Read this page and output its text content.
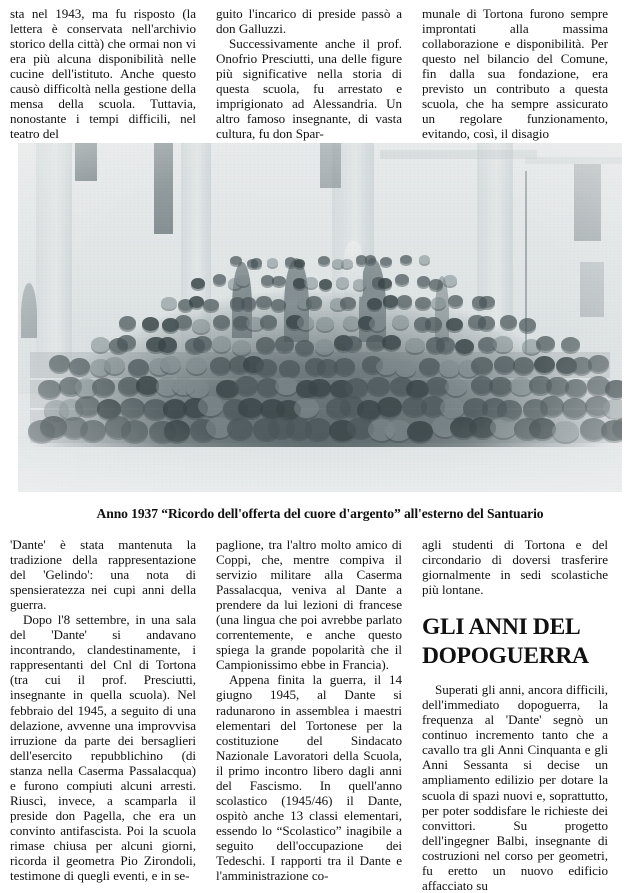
sta nel 1943, ma fu risposto (la lettera è conservata nell'archivio storico della città) che ormai non vi era più alcuna disponibilità nelle cucine dell'istituto. Anche questo causò difficoltà nella gestione della mensa della scuola. Tuttavia, nonostante i tempi difficili, nel teatro del

guito l'incarico di preside passò a don Galluzzi.

Successivamente anche il prof. Onofrio Presciutti, una delle figure più significative nella storia di questa scuola, fu arrestato e imprigionato ad Alessandria. Un altro famoso insegnante, di vasta cultura, fu don Spar-

munale di Tortona furono sempre improntati alla massima collaborazione e disponibilità. Per questo nel bilancio del Comune, fin dalla sua fondazione, era previsto un contributo a questa scuola, che ha sempre assicurato un regolare funzionamento, evitando, così, il disagio

Anno 1937 “Ricordo dell'offerta del cuore d'argento” all'esterno del Santuario

'Dante' è stata mantenuta la tradizione della rappresentazione del 'Gelindo': una nota di spensieratezza nei cupi anni della guerra.

Dopo l'8 settembre, in una sala del 'Dante' si andavano incontrando, clandestinamente, i rappresentanti del Cnl di Tortona (tra cui il prof. Presciutti, insegnante in quella scuola). Nel febbraio del 1945, a seguito di una delazione, avvenne una improvvisa irruzione da parte dei bersaglieri dell'esercito repubblichino (di stanza nella Caserma Passalacqua) e furono compiuti alcuni arresti. Riuscì, invece, a scamparla il preside don Pagella, che era un convinto antifascista. Poi la scuola rimase chiusa per alcuni giorni, ricorda il geometra Pio Zirondoli, testimone di quegli eventi, e in se-

paglione, tra l'altro molto amico di Coppi, che, mentre compiva il servizio militare alla Caserma Passalacqua, veniva al Dante a prendere da lui lezioni di francese (una lingua che poi avrebbe parlato correntemente, e anche questo spiega la grande popolarità che il Campionissimo ebbe in Francia).

Appena finita la guerra, il 14 giugno 1945, al Dante si radunarono in assemblea i maestri elementari del Tortonese per la costituzione del Sindacato Nazionale Lavoratori della Scuola, il primo incontro libero dagli anni del Fascismo. In quell'anno scolastico (1945/46) il Dante, ospitò anche 13 classi elementari, essendo lo “Scolastico” inagibile a seguito dell'occupazione dei Tedeschi. I rapporti tra il Dante e l'amministrazione co-

agli studenti di Tortona e del circondario di doversi trasferire giornalmente in sedi scolastiche più lontane.

GLI ANNI DEL
DOPOGUERRA

Superati gli anni, ancora difficili, dell'immediato dopoguerra, la frequenza al 'Dante' segnò un continuo incremento tanto che a cavallo tra gli Anni Cinquanta e gli Anni Sessanta si decise un ampliamento edilizio per dotare la scuola di spazi nuovi e, soprattutto, per poter soddisfare le richieste dei convittori. Su progetto dell'ingegner Balbi, insegnante di costruzioni nel corso per geometri, fu eretto un nuovo edificio affacciato su
